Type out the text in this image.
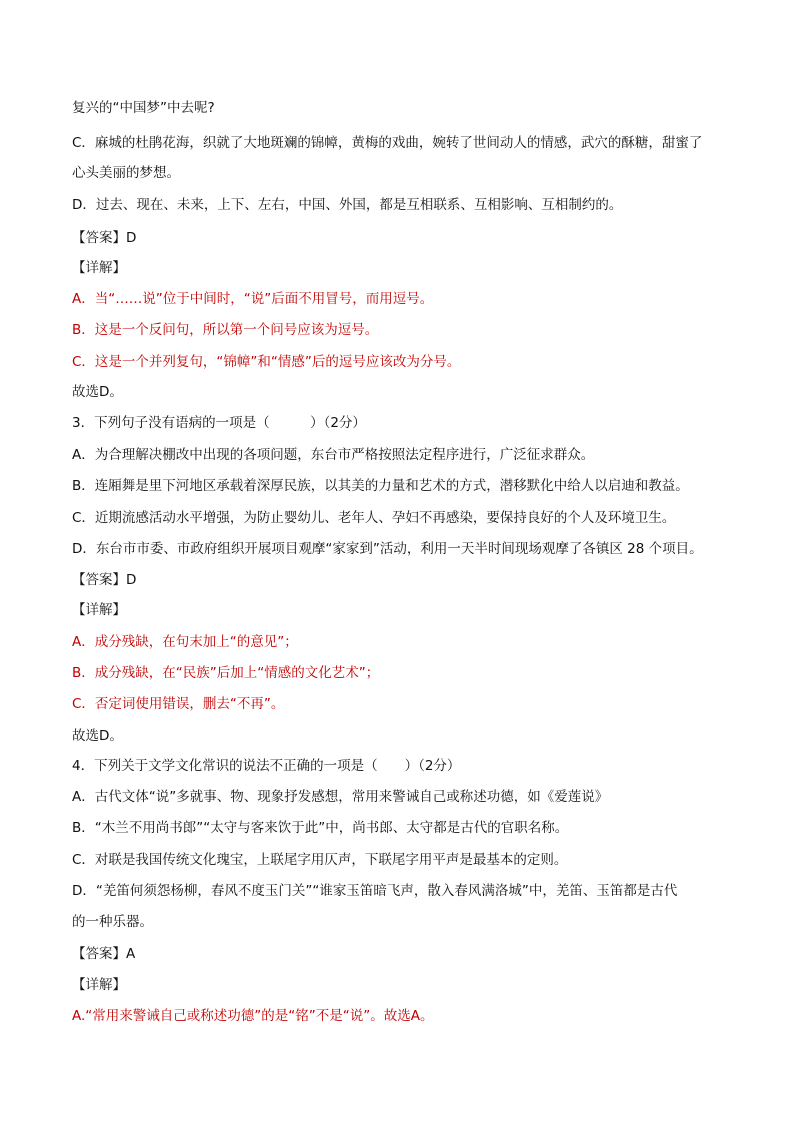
复兴的“中国梦”中去呢?
C．麻城的杜鹃花海，织就了大地斑斓的锦幛，黄梅的戏曲，婉转了世间动人的情感，武穴的酥糖，甜蜜了
心头美丽的梦想。
D．过去、现在、未来，上下、左右，中国、外国，都是互相联系、互相影响、互相制约的。
【答案】D
【详解】
A．当“……说”位于中间时，“说”后面不用冒号，而用逗号。
B．这是一个反问句，所以第一个问号应该为逗号。
C．这是一个并列复句，“锦幛”和“情感”后的逗号应该改为分号。
故选D。
3．下列句子没有语病的一项是（　　　）（2分）
A．为合理解决棚改中出现的各项问题，东台市严格按照法定程序进行，广泛征求群众。
B．连厢舞是里下河地区承载着深厚民族，以其美的力量和艺术的方式，潜移默化中给人以启迪和教益。
C．近期流感活动水平增强，为防止婴幼儿、老年人、孕妇不再感染，要保持良好的个人及环境卫生。
D．东台市市委、市政府组织开展项目观摩“家家到”活动，利用一天半时间现场观摩了各镇区 28 个项目。
【答案】D
【详解】
A．成分残缺，在句末加上“的意见”；
B．成分残缺，在“民族”后加上“情感的文化艺术”；
C．否定词使用错误，删去“不再”。
故选D。
4．下列关于文学文化常识的说法不正确的一项是（　　）（2分）
A．古代文体“说”多就事、物、现象抒发感想，常用来警诫自己或称述功德，如《爱莲说》
B．“木兰不用尚书郎”“太守与客来饮于此”中，尚书郎、太守都是古代的官职名称。
C．对联是我国传统文化瑰宝，上联尾字用仄声，下联尾字用平声是最基本的定则。
D．“羌笛何须怨杨柳，春风不度玉门关”“谁家玉笛暗飞声，散入春风满洛城”中，羌笛、玉笛都是古代
的一种乐器。
【答案】A
【详解】
A.“常用来警诫自己或称述功德”的是“铭”不是“说”。故选A。
